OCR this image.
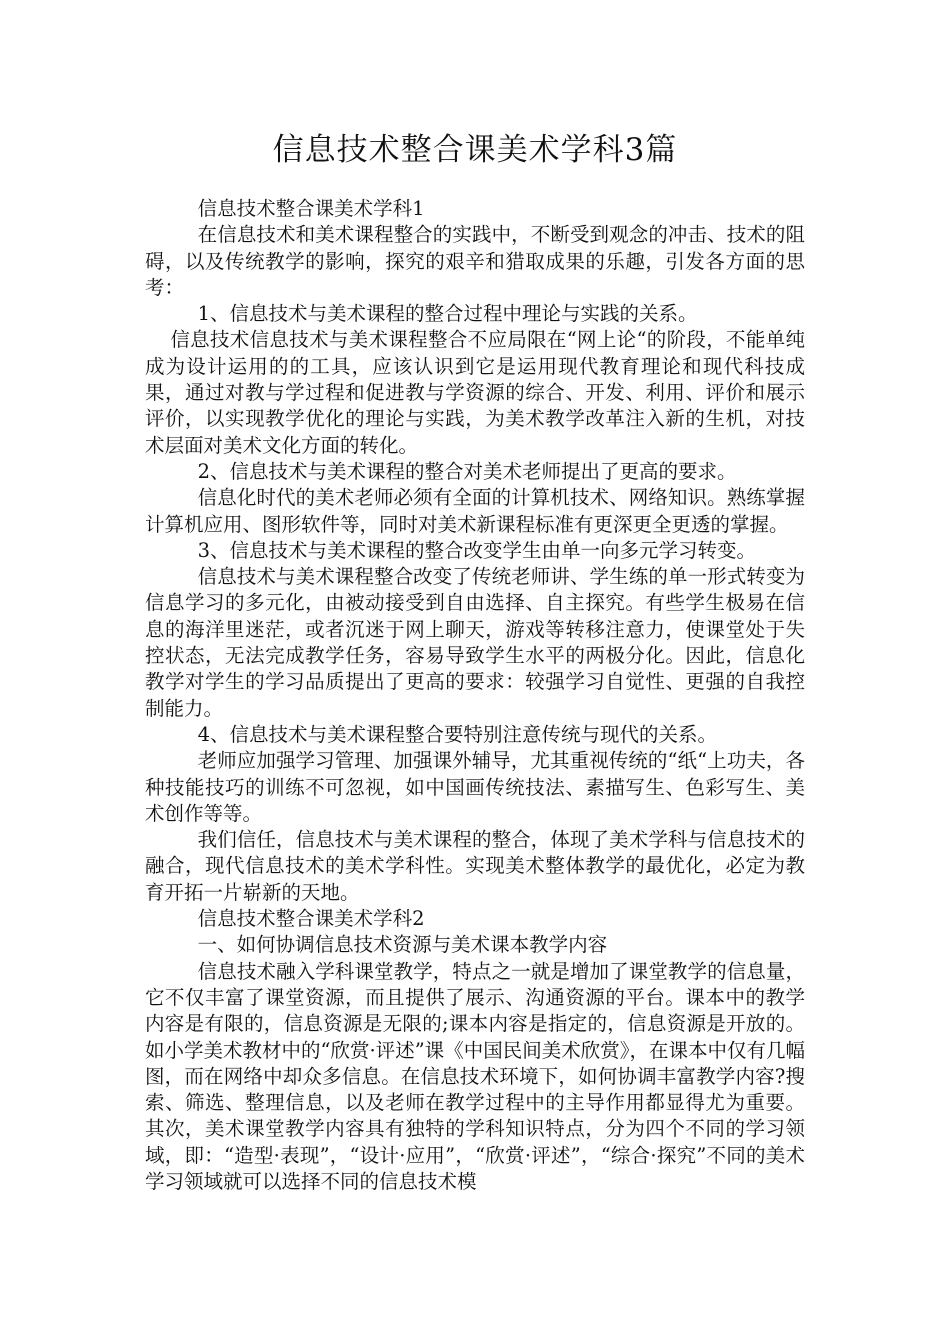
信息技术整合课美术学科3篇

信息技术整合课美术学科1

在信息技术和美术课程整合的实践中，不断受到观念的冲击、技术的阻碍，以及传统教学的影响，探究的艰辛和猎取成果的乐趣，引发各方面的思考：

1、信息技术与美术课程的整合过程中理论与实践的关系。

信息技术信息技术与美术课程整合不应局限在“网上论“的阶段，不能单纯成为设计运用的的工具，应该认识到它是运用现代教育理论和现代科技成果，通过对教与学过程和促进教与学资源的综合、开发、利用、评价和展示评价，以实现教学优化的理论与实践，为美术教学改革注入新的生机，对技术层面对美术文化方面的转化。

2、信息技术与美术课程的整合对美术老师提出了更高的要求。

信息化时代的美术老师必须有全面的计算机技术、网络知识。熟练掌握计算机应用、图形软件等，同时对美术新课程标准有更深更全更透的掌握。

3、信息技术与美术课程的整合改变学生由单一向多元学习转变。

信息技术与美术课程整合改变了传统老师讲、学生练的单一形式转变为信息学习的多元化，由被动接受到自由选择、自主探究。有些学生极易在信息的海洋里迷茫，或者沉迷于网上聊天，游戏等转移注意力，使课堂处于失控状态，无法完成教学任务，容易导致学生水平的两极分化。因此，信息化教学对学生的学习品质提出了更高的要求：较强学习自觉性、更强的自我控制能力。

4、信息技术与美术课程整合要特别注意传统与现代的关系。

老师应加强学习管理、加强课外辅导，尤其重视传统的“纸“上功夫，各种技能技巧的训练不可忽视，如中国画传统技法、素描写生、色彩写生、美术创作等等。

我们信任，信息技术与美术课程的整合，体现了美术学科与信息技术的融合，现代信息技术的美术学科性。实现美术整体教学的最优化，必定为教育开拓一片崭新的天地。

信息技术整合课美术学科2

一、如何协调信息技术资源与美术课本教学内容

信息技术融入学科课堂教学，特点之一就是增加了课堂教学的信息量，它不仅丰富了课堂资源，而且提供了展示、沟通资源的平台。课本中的教学内容是有限的，信息资源是无限的;课本内容是指定的，信息资源是开放的。如小学美术教材中的“欣赏·评述”课《中国民间美术欣赏》，在课本中仅有几幅图，而在网络中却众多信息。在信息技术环境下，如何协调丰富教学内容?搜索、筛选、整理信息，以及老师在教学过程中的主导作用都显得尤为重要。其次，美术课堂教学内容具有独特的学科知识特点，分为四个不同的学习领域，即：“造型·表现”，“设计·应用”，“欣赏·评述”，“综合·探究”不同的美术学习领域就可以选择不同的信息技术模
